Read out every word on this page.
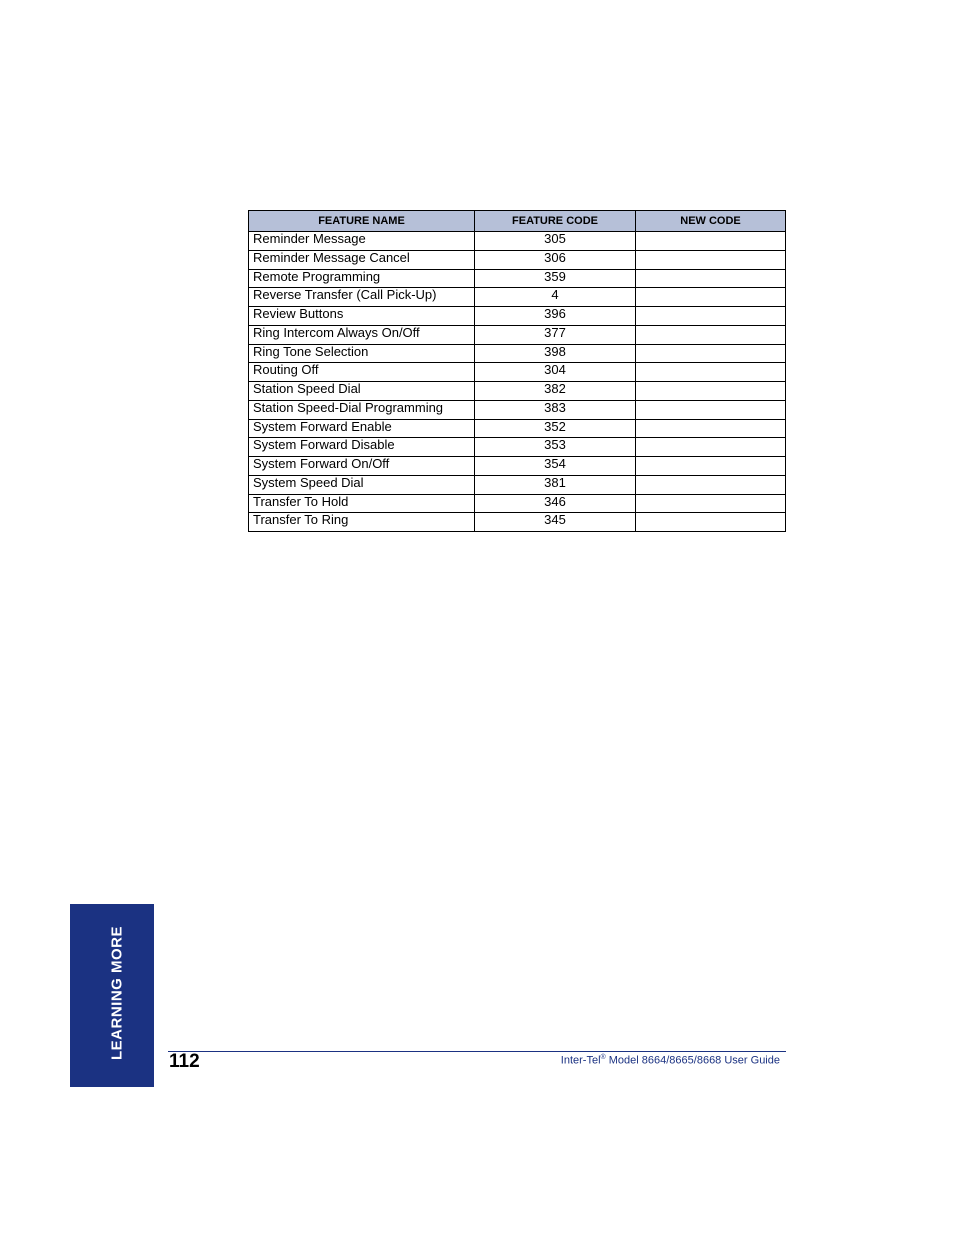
FEATURE NAME	FEATURE CODE	NEW CODE
Reminder Message	305	
Reminder Message Cancel	306	
Remote Programming	359	
Reverse Transfer (Call Pick-Up)	4	
Review Buttons	396	
Ring Intercom Always On/Off	377	
Ring Tone Selection	398	
Routing Off	304	
Station Speed Dial	382	
Station Speed-Dial Programming	383	
System Forward Enable	352	
System Forward Disable	353	
System Forward On/Off	354	
System Speed Dial	381	
Transfer To Hold	346	
Transfer To Ring	345	
LEARNING MORE
112	Inter-Tel® Model 8664/8665/8668 User Guide
